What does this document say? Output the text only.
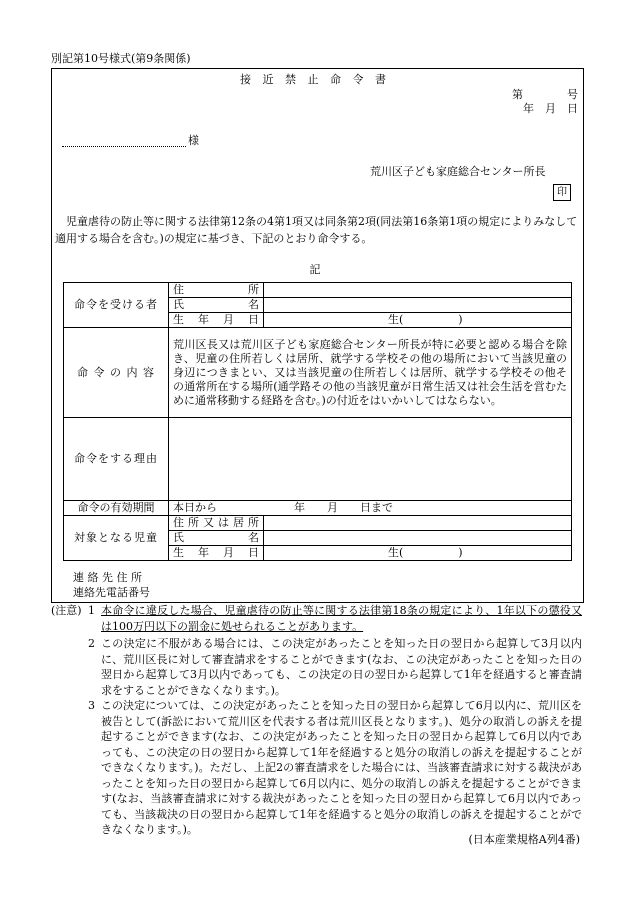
別記第10号様式(第9条関係)
接 近 禁 止 命 令 書
第　　　　号
年　月　日
様
荒川区子ども家庭総合センター所長
印
　児童虐待の防止等に関する法律第12条の4第1項又は同条第2項(同法第16条第1項の規定によりみなして適用する場合を含む。)の規定に基づき、下記のとおり命令する。
記
命令を受ける者	住　　所	

	氏　　名	

	生 年 月 日	生(　　　　　)

命 令 の 内 容	荒川区長又は荒川区子ども家庭総合センター所長が特に必要と認める場合を除き、児童の住所若しくは居所、就学する学校その他の場所において当該児童の身辺につきまとい、又は当該児童の住所若しくは居所、就学する学校その他その通常所在する場所(通学路その他の当該児童が日常生活又は社会生活を営むために通常移動する経路を含む。)の付近をはいかいしてはならない。	
命令をする理由		
命令の有効期間	本日から　　　　　　　年　　月　　日まで	
対象となる児童	住所又は居所	

	氏　　名	

	生 年 月 日	生(　　　　　)
連 絡 先 住 所
連絡先電話番号
(注意) 1 本命令に違反した場合、児童虐待の防止等に関する法律第18条の規定により、1年以下の懲役又は100万円以下の罰金に処せられることがあります。
2 この決定に不服がある場合には、この決定があったことを知った日の翌日から起算して3月以内に、荒川区長に対して審査請求をすることができます(なお、この決定があったことを知った日の翌日から起算して3月以内であっても、この決定の日の翌日から起算して1年を経過すると審査請求をすることができなくなります。)。
3 この決定については、この決定があったことを知った日の翌日から起算して6月以内に、荒川区を被告として(訴訟において荒川区を代表する者は荒川区長となります。)、処分の取消しの訴えを提起することができます(なお、この決定があったことを知った日の翌日から起算して6月以内であっても、この決定の日の翌日から起算して1年を経過すると処分の取消しの訴えを提起することができなくなります。)。ただし、上記2の審査請求をした場合には、当該審査請求に対する裁決があったことを知った日の翌日から起算して6月以内に、処分の取消しの訴えを提起することができます(なお、当該審査請求に対する裁決があったことを知った日の翌日から起算して6月以内であっても、当該裁決の日の翌日から起算して1年を経過すると処分の取消しの訴えを提起することができなくなります。)。
(日本産業規格A列4番)
